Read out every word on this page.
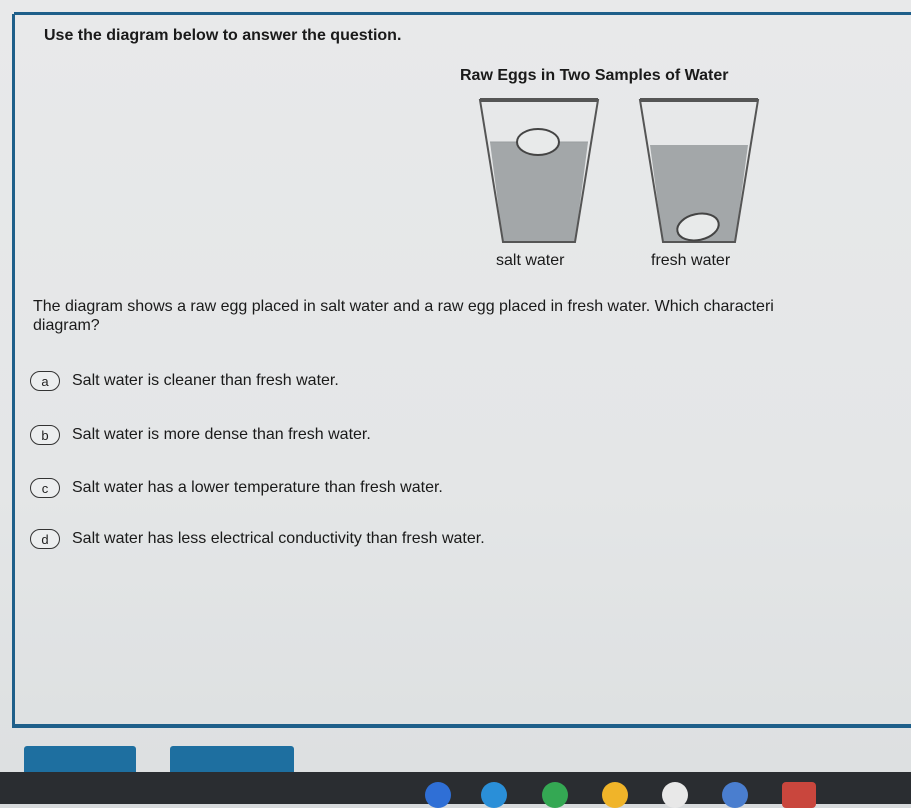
Use the diagram below to answer the question.
Raw Eggs in Two Samples of Water
salt water	fresh water
The diagram shows a raw egg placed in salt water and a raw egg placed in fresh water. Which characteri
diagram?
a	Salt water is cleaner than fresh water.
b	Salt water is more dense than fresh water.
c	Salt water has a lower temperature than fresh water.
d	Salt water has less electrical conductivity than fresh water.
